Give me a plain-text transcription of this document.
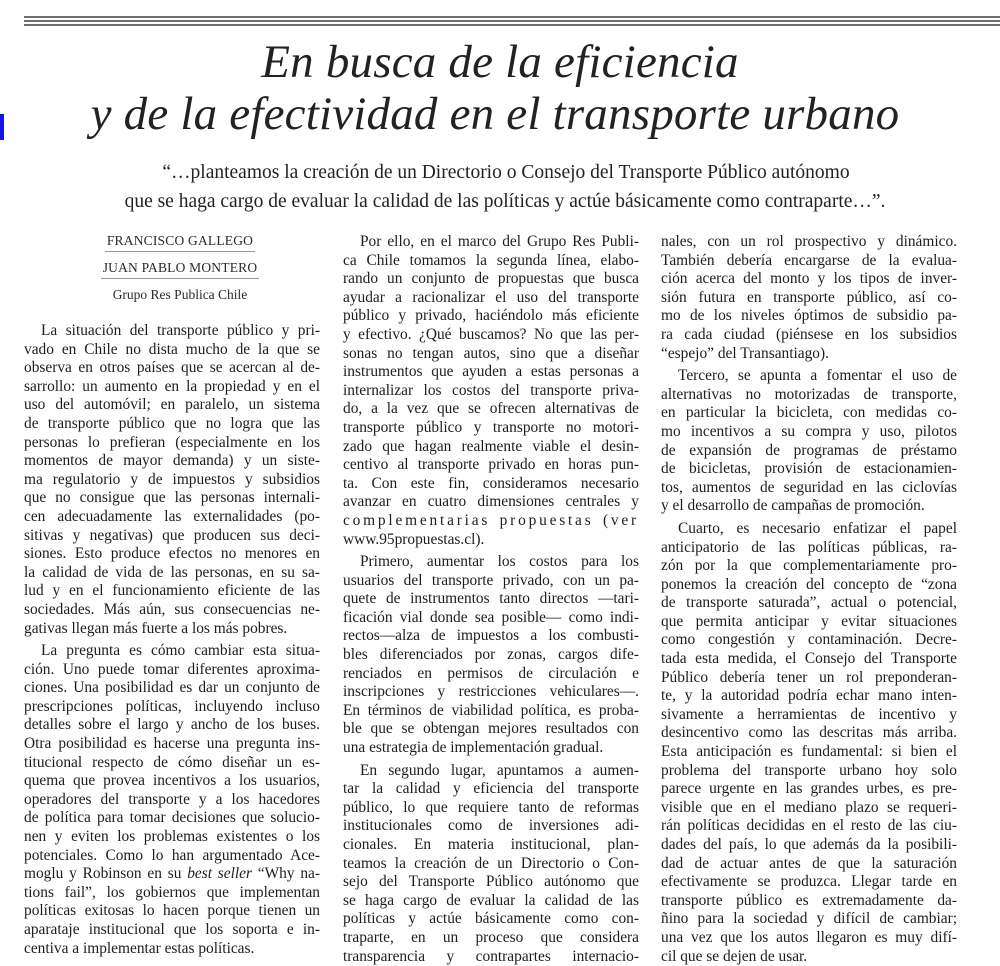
En busca de la eficiencia

y de la efectividad en el transporte urbano
“…planteamos la creación de un Directorio o Consejo del Transporte Público autónomo
que se haga cargo de evaluar la calidad de las políticas y actúe básicamente como contraparte…”.
FRANCISCO GALLEGO
JUAN PABLO MONTERO
Grupo Res Publica Chile
La situación del transporte público y pri-
vado en Chile no dista mucho de la que se
observa en otros países que se acercan al de-
sarrollo: un aumento en la propiedad y en el
uso del automóvil; en paralelo, un sistema
de transporte público que no logra que las
personas lo prefieran (especialmente en los
momentos de mayor demanda) y un siste-
ma regulatorio y de impuestos y subsidios
que no consigue que las personas internali-
cen adecuadamente las externalidades (po-
sitivas y negativas) que producen sus deci-
siones. Esto produce efectos no menores en
la calidad de vida de las personas, en su sa-
lud y en el funcionamiento eficiente de las
sociedades. Más aún, sus consecuencias ne-
gativas llegan más fuerte a los más pobres.
La pregunta es cómo cambiar esta situa-
ción. Uno puede tomar diferentes aproxima-
ciones. Una posibilidad es dar un conjunto de
prescripciones políticas, incluyendo incluso
detalles sobre el largo y ancho de los buses.
Otra posibilidad es hacerse una pregunta ins-
titucional respecto de cómo diseñar un es-
quema que provea incentivos a los usuarios,
operadores del transporte y a los hacedores
de política para tomar decisiones que solucio-
nen y eviten los problemas existentes o los
potenciales. Como lo han argumentado Ace-
moglu y Robinson en su best seller “Why na-
tions fail”, los gobiernos que implementan
políticas exitosas lo hacen porque tienen un
aparataje institucional que los soporta e in-
centiva a implementar estas políticas.
Por ello, en el marco del Grupo Res Publi-
ca Chile tomamos la segunda línea, elabo-
rando un conjunto de propuestas que busca
ayudar a racionalizar el uso del transporte
público y privado, haciéndolo más eficiente
y efectivo. ¿Qué buscamos? No que las per-
sonas no tengan autos, sino que a diseñar
instrumentos que ayuden a estas personas a
internalizar los costos del transporte priva-
do, a la vez que se ofrecen alternativas de
transporte público y transporte no motori-
zado que hagan realmente viable el desin-
centivo al transporte privado en horas pun-
ta. Con este fin, consideramos necesario
avanzar en cuatro dimensiones centrales y
complementarias propuestas (ver
www.95propuestas.cl).
Primero, aumentar los costos para los
usuarios del transporte privado, con un pa-
quete de instrumentos tanto directos —tari-
ficación vial donde sea posible— como indi-
rectos—alza de impuestos a los combusti-
bles diferenciados por zonas, cargos dife-
renciados en permisos de circulación e
inscripciones y restricciones vehiculares—.
En términos de viabilidad política, es proba-
ble que se obtengan mejores resultados con
una estrategia de implementación gradual.
En segundo lugar, apuntamos a aumen-
tar la calidad y eficiencia del transporte
público, lo que requiere tanto de reformas
institucionales como de inversiones adi-
cionales. En materia institucional, plan-
teamos la creación de un Directorio o Con-
sejo del Transporte Público autónomo que
se haga cargo de evaluar la calidad de las
políticas y actúe básicamente como con-
traparte, en un proceso que considera
transparencia y contrapartes internacio-
nales, con un rol prospectivo y dinámico.
También debería encargarse de la evalua-
ción acerca del monto y los tipos de inver-
sión futura en transporte público, así co-
mo de los niveles óptimos de subsidio pa-
ra cada ciudad (piénsese en los subsidios
“espejo” del Transantiago).
Tercero, se apunta a fomentar el uso de
alternativas no motorizadas de transporte,
en particular la bicicleta, con medidas co-
mo incentivos a su compra y uso, pilotos
de expansión de programas de préstamo
de bicicletas, provisión de estacionamien-
tos, aumentos de seguridad en las ciclovías
y el desarrollo de campañas de promoción.
Cuarto, es necesario enfatizar el papel
anticipatorio de las políticas públicas, ra-
zón por la que complementariamente pro-
ponemos la creación del concepto de “zona
de transporte saturada”, actual o potencial,
que permita anticipar y evitar situaciones
como congestión y contaminación. Decre-
tada esta medida, el Consejo del Transporte
Público debería tener un rol preponderan-
te, y la autoridad podría echar mano inten-
sivamente a herramientas de incentivo y
desincentivo como las descritas más arriba.
Esta anticipación es fundamental: si bien el
problema del transporte urbano hoy solo
parece urgente en las grandes urbes, es pre-
visible que en el mediano plazo se requeri-
rán políticas decididas en el resto de las ciu-
dades del país, lo que además da la posibili-
dad de actuar antes de que la saturación
efectivamente se produzca. Llegar tarde en
transporte público es extremadamente da-
ñino para la sociedad y difícil de cambiar;
una vez que los autos llegaron es muy difí-
cil que se dejen de usar.
